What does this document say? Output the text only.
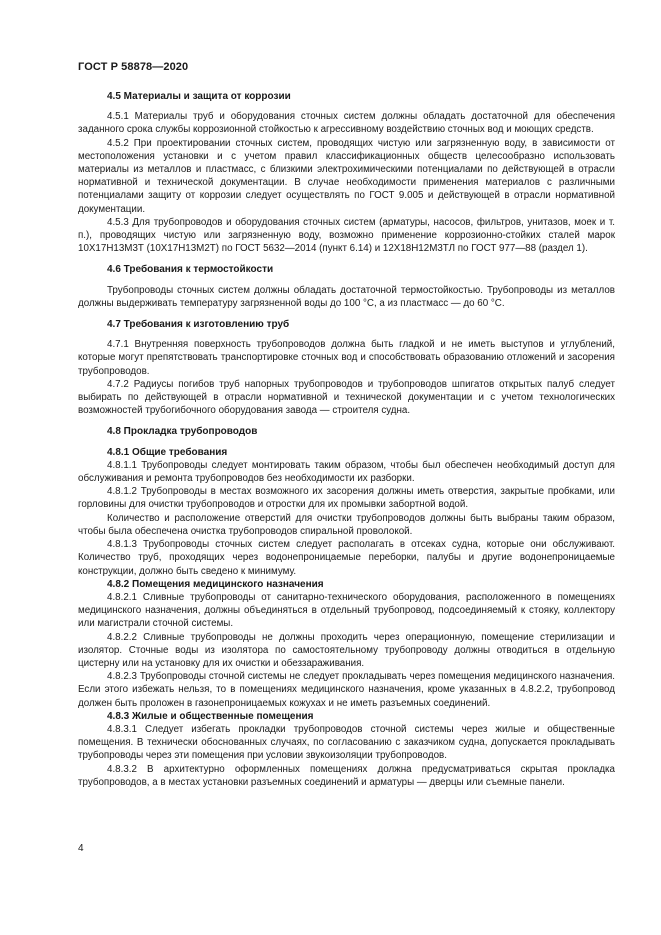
ГОСТ Р 58878—2020
4.5 Материалы и защита от коррозии

4.5.1 Материалы труб и оборудования сточных систем должны обладать достаточной для обеспечения заданного срока службы коррозионной стойкостью к агрессивному воздействию сточных вод и моющих средств.

4.5.2 При проектировании сточных систем, проводящих чистую или загрязненную воду, в зависимости от местоположения установки и с учетом правил классификационных обществ целесообразно использовать материалы из металлов и пластмасс, с близкими электрохимическими потенциалами по действующей в отрасли нормативной и технической документации. В случае необходимости применения материалов с различными потенциалами защиту от коррозии следует осуществлять по ГОСТ 9.005 и действующей в отрасли нормативной документации.

4.5.3 Для трубопроводов и оборудования сточных систем (арматуры, насосов, фильтров, унитазов, моек и т. п.), проводящих чистую или загрязненную воду, возможно применение коррозионно-стойких сталей марок 10Х17Н13М3Т (10Х17Н13М2Т) по ГОСТ 5632—2014 (пункт 6.14) и 12Х18Н12М3ТЛ по ГОСТ 977—88 (раздел 1).

4.6 Требования к термостойкости

Трубопроводы сточных систем должны обладать достаточной термостойкостью. Трубопроводы из металлов должны выдерживать температуру загрязненной воды до 100 °С, а из пластмасс — до 60 °С.

4.7 Требования к изготовлению труб

4.7.1 Внутренняя поверхность трубопроводов должна быть гладкой и не иметь выступов и углублений, которые могут препятствовать транспортировке сточных вод и способствовать образованию отложений и засорения трубопроводов.

4.7.2 Радиусы погибов труб напорных трубопроводов и трубопроводов шпигатов открытых палуб следует выбирать по действующей в отрасли нормативной и технической документации и с учетом технологических возможностей трубогибочного оборудования завода — строителя судна.

4.8 Прокладка трубопроводов
4.8.1 Общие требования

4.8.1.1 Трубопроводы следует монтировать таким образом, чтобы был обеспечен необходимый доступ для обслуживания и ремонта трубопроводов без необходимости их разборки.

4.8.1.2 Трубопроводы в местах возможного их засорения должны иметь отверстия, закрытые пробками, или горловины для очистки трубопроводов и отростки для их промывки забортной водой.

Количество и расположение отверстий для очистки трубопроводов должны быть выбраны таким образом, чтобы была обеспечена очистка трубопроводов спиральной проволокой.

4.8.1.3 Трубопроводы сточных систем следует располагать в отсеках судна, которые они обслуживают. Количество труб, проходящих через водонепроницаемые переборки, палубы и другие водонепроницаемые конструкции, должно быть сведено к минимуму.

4.8.2 Помещения медицинского назначения

4.8.2.1 Сливные трубопроводы от санитарно-технического оборудования, расположенного в помещениях медицинского назначения, должны объединяться в отдельный трубопровод, подсоединяемый к стояку, коллектору или магистрали сточной системы.

4.8.2.2 Сливные трубопроводы не должны проходить через операционную, помещение стерилизации и изолятор. Сточные воды из изолятора по самостоятельному трубопроводу должны отводиться в отдельную цистерну или на установку для их очистки и обеззараживания.

4.8.2.3 Трубопроводы сточной системы не следует прокладывать через помещения медицинского назначения. Если этого избежать нельзя, то в помещениях медицинского назначения, кроме указанных в 4.8.2.2, трубопровод должен быть проложен в газонепроницаемых кожухах и не иметь разъемных соединений.

4.8.3 Жилые и общественные помещения

4.8.3.1 Следует избегать прокладки трубопроводов сточной системы через жилые и общественные помещения. В технически обоснованных случаях, по согласованию с заказчиком судна, допускается прокладывать трубопроводы через эти помещения при условии звукоизоляции трубопроводов.

4.8.3.2 В архитектурно оформленных помещениях должна предусматриваться скрытая прокладка трубопроводов, а в местах установки разъемных соединений и арматуры — дверцы или съемные панели.

4
